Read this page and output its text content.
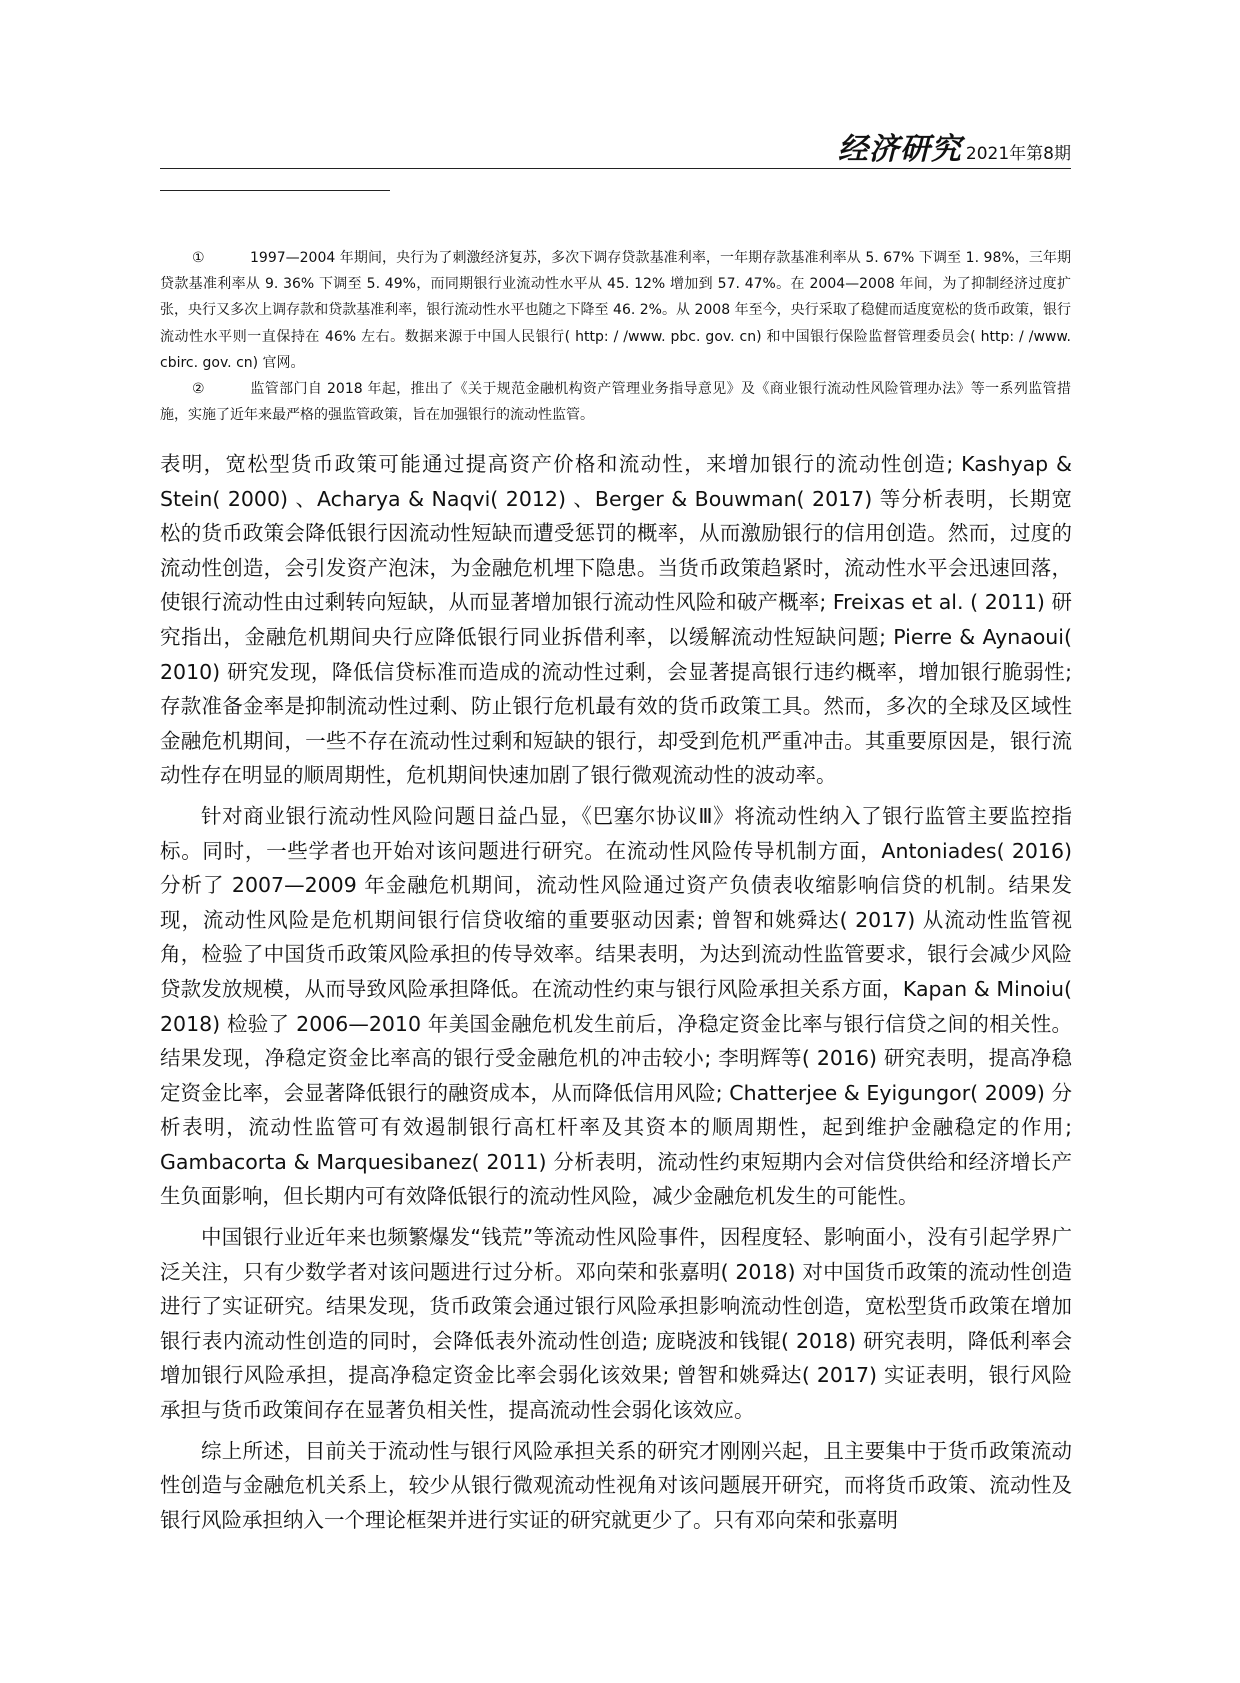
经济研究 2021年第8期

①	1997—2004 年期间，央行为了刺激经济复苏，多次下调存贷款基准利率，一年期存款基准利率从 5. 67% 下调至 1. 98%，三年期贷款基准利率从 9. 36% 下调至 5. 49%，而同期银行业流动性水平从 45. 12% 增加到 57. 47%。在 2004—2008 年间，为了抑制经济过度扩张，央行又多次上调存款和贷款基准利率，银行流动性水平也随之下降至 46. 2%。从 2008 年至今，央行采取了稳健而适度宽松的货币政策，银行流动性水平则一直保持在 46% 左右。数据来源于中国人民银行( http: / /www. pbc. gov. cn) 和中国银行保险监督管理委员会( http: / /www. cbirc. gov. cn) 官网。

②	监管部门自 2018 年起，推出了《关于规范金融机构资产管理业务指导意见》及《商业银行流动性风险管理办法》等一系列监管措施，实施了近年来最严格的强监管政策，旨在加强银行的流动性监管。

表明，宽松型货币政策可能通过提高资产价格和流动性，来增加银行的流动性创造; Kashyap & Stein( 2000) 、Acharya & Naqvi( 2012) 、Berger & Bouwman( 2017) 等分析表明，长期宽松的货币政策会降低银行因流动性短缺而遭受惩罚的概率，从而激励银行的信用创造。然而，过度的流动性创造，会引发资产泡沫，为金融危机埋下隐患。当货币政策趋紧时，流动性水平会迅速回落，使银行流动性由过剩转向短缺，从而显著增加银行流动性风险和破产概率; Freixas et al. ( 2011) 研究指出，金融危机期间央行应降低银行同业拆借利率，以缓解流动性短缺问题; Pierre & Aynaoui( 2010) 研究发现，降低信贷标准而造成的流动性过剩，会显著提高银行违约概率，增加银行脆弱性; 存款准备金率是抑制流动性过剩、防止银行危机最有效的货币政策工具。然而，多次的全球及区域性金融危机期间，一些不存在流动性过剩和短缺的银行，却受到危机严重冲击。其重要原因是，银行流动性存在明显的顺周期性，危机期间快速加剧了银行微观流动性的波动率。

针对商业银行流动性风险问题日益凸显，《巴塞尔协议Ⅲ》将流动性纳入了银行监管主要监控指标。同时，一些学者也开始对该问题进行研究。在流动性风险传导机制方面，Antoniades( 2016) 分析了 2007—2009 年金融危机期间，流动性风险通过资产负债表收缩影响信贷的机制。结果发现，流动性风险是危机期间银行信贷收缩的重要驱动因素; 曾智和姚舜达( 2017) 从流动性监管视角，检验了中国货币政策风险承担的传导效率。结果表明，为达到流动性监管要求，银行会减少风险贷款发放规模，从而导致风险承担降低。在流动性约束与银行风险承担关系方面，Kapan & Minoiu( 2018) 检验了 2006—2010 年美国金融危机发生前后，净稳定资金比率与银行信贷之间的相关性。结果发现，净稳定资金比率高的银行受金融危机的冲击较小; 李明辉等( 2016) 研究表明，提高净稳定资金比率，会显著降低银行的融资成本，从而降低信用风险; Chatterjee & Eyigungor( 2009) 分析表明，流动性监管可有效遏制银行高杠杆率及其资本的顺周期性，起到维护金融稳定的作用; Gambacorta & Marquesibanez( 2011) 分析表明，流动性约束短期内会对信贷供给和经济增长产生负面影响，但长期内可有效降低银行的流动性风险，减少金融危机发生的可能性。

中国银行业近年来也频繁爆发“钱荒”等流动性风险事件，因程度轻、影响面小，没有引起学界广泛关注，只有少数学者对该问题进行过分析。邓向荣和张嘉明( 2018) 对中国货币政策的流动性创造进行了实证研究。结果发现，货币政策会通过银行风险承担影响流动性创造，宽松型货币政策在增加银行表内流动性创造的同时，会降低表外流动性创造; 庞晓波和钱锟( 2018) 研究表明，降低利率会增加银行风险承担，提高净稳定资金比率会弱化该效果; 曾智和姚舜达( 2017) 实证表明，银行风险承担与货币政策间存在显著负相关性，提高流动性会弱化该效应。

综上所述，目前关于流动性与银行风险承担关系的研究才刚刚兴起，且主要集中于货币政策流动性创造与金融危机关系上，较少从银行微观流动性视角对该问题展开研究，而将货币政策、流动性及银行风险承担纳入一个理论框架并进行实证的研究就更少了。只有邓向荣和张嘉明
